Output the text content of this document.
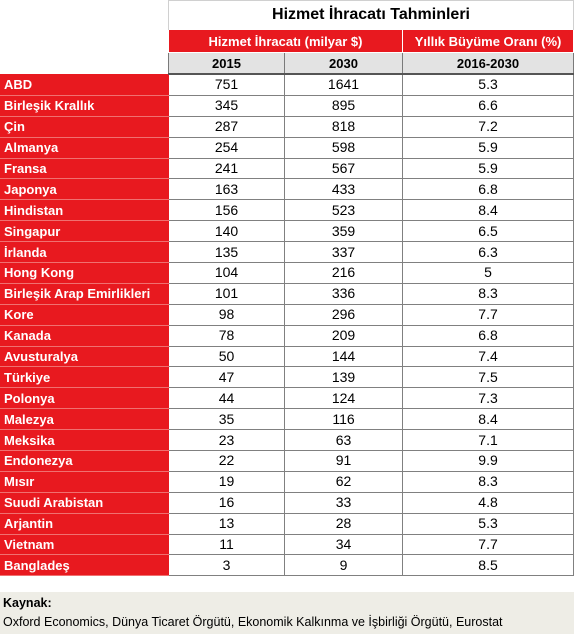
	Hizmet İhracatı Tahminleri		
	Hizmet İhracatı (milyar $)		Yıllık Büyüme Oranı (%)
	2015	2030	2016-2030
ABD	751	1641	5.3
Birleşik Krallık	345	895	6.6
Çin	287	818	7.2
Almanya	254	598	5.9
Fransa	241	567	5.9
Japonya	163	433	6.8
Hindistan	156	523	8.4
Singapur	140	359	6.5
İrlanda	135	337	6.3
Hong Kong	104	216	5
Birleşik Arap Emirlikleri	101	336	8.3
Kore	98	296	7.7
Kanada	78	209	6.8
Avusturalya	50	144	7.4
Türkiye	47	139	7.5
Polonya	44	124	7.3
Malezya	35	116	8.4
Meksika	23	63	7.1
Endonezya	22	91	9.9
Mısır	19	62	8.3
Suudi Arabistan	16	33	4.8
Arjantin	13	28	5.3
Vietnam	11	34	7.7
Bangladeş	3	9	8.5
Kaynak:
Oxford Economics, Dünya Ticaret Örgütü, Ekonomik Kalkınma ve İşbirliği Örgütü, Eurostat
